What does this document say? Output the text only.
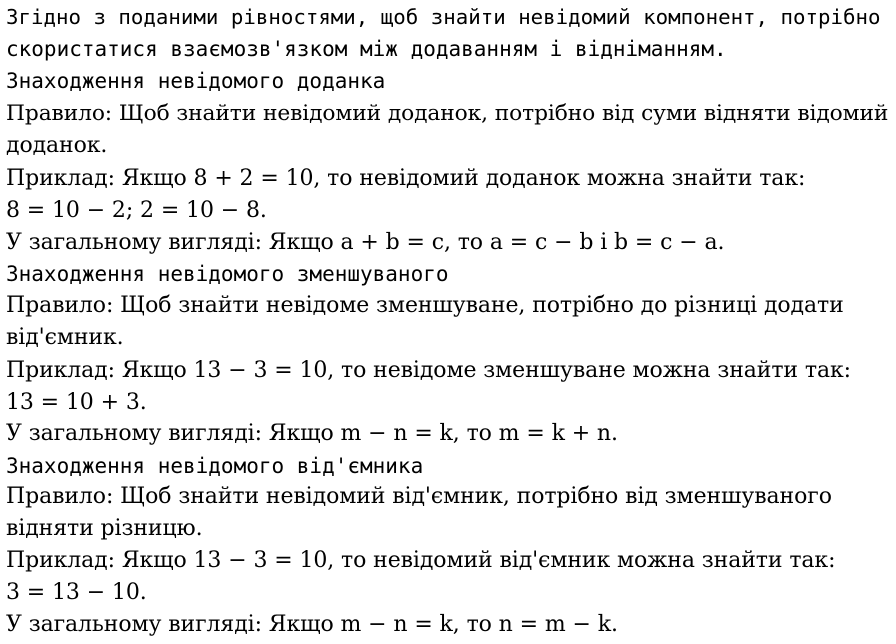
Згідно з поданими рівностями, щоб знайти невідомий компонент, потрібно
скористатися взаємозв'язком між додаванням і відніманням.
Знаходження невідомого доданка
Правило: Щоб знайти невідомий доданок, потрібно від суми відняти відомий
доданок.
Приклад: Якщо 8 + 2 = 10, то невідомий доданок можна знайти так:
8 = 10 − 2; 2 = 10 − 8.
У загальному вигляді: Якщо a + b = c, то a = c − b і b = c − a.
Знаходження невідомого зменшуваного
Правило: Щоб знайти невідоме зменшуване, потрібно до різниці додати
від'ємник.
Приклад: Якщо 13 − 3 = 10, то невідоме зменшуване можна знайти так:
13 = 10 + 3.
У загальному вигляді: Якщо m − n = k, то m = k + n.
Знаходження невідомого від'ємника
Правило: Щоб знайти невідомий від'ємник, потрібно від зменшуваного
відняти різницю.
Приклад: Якщо 13 − 3 = 10, то невідомий від'ємник можна знайти так:
3 = 13 − 10.
У загальному вигляді: Якщо m − n = k, то n = m − k.
